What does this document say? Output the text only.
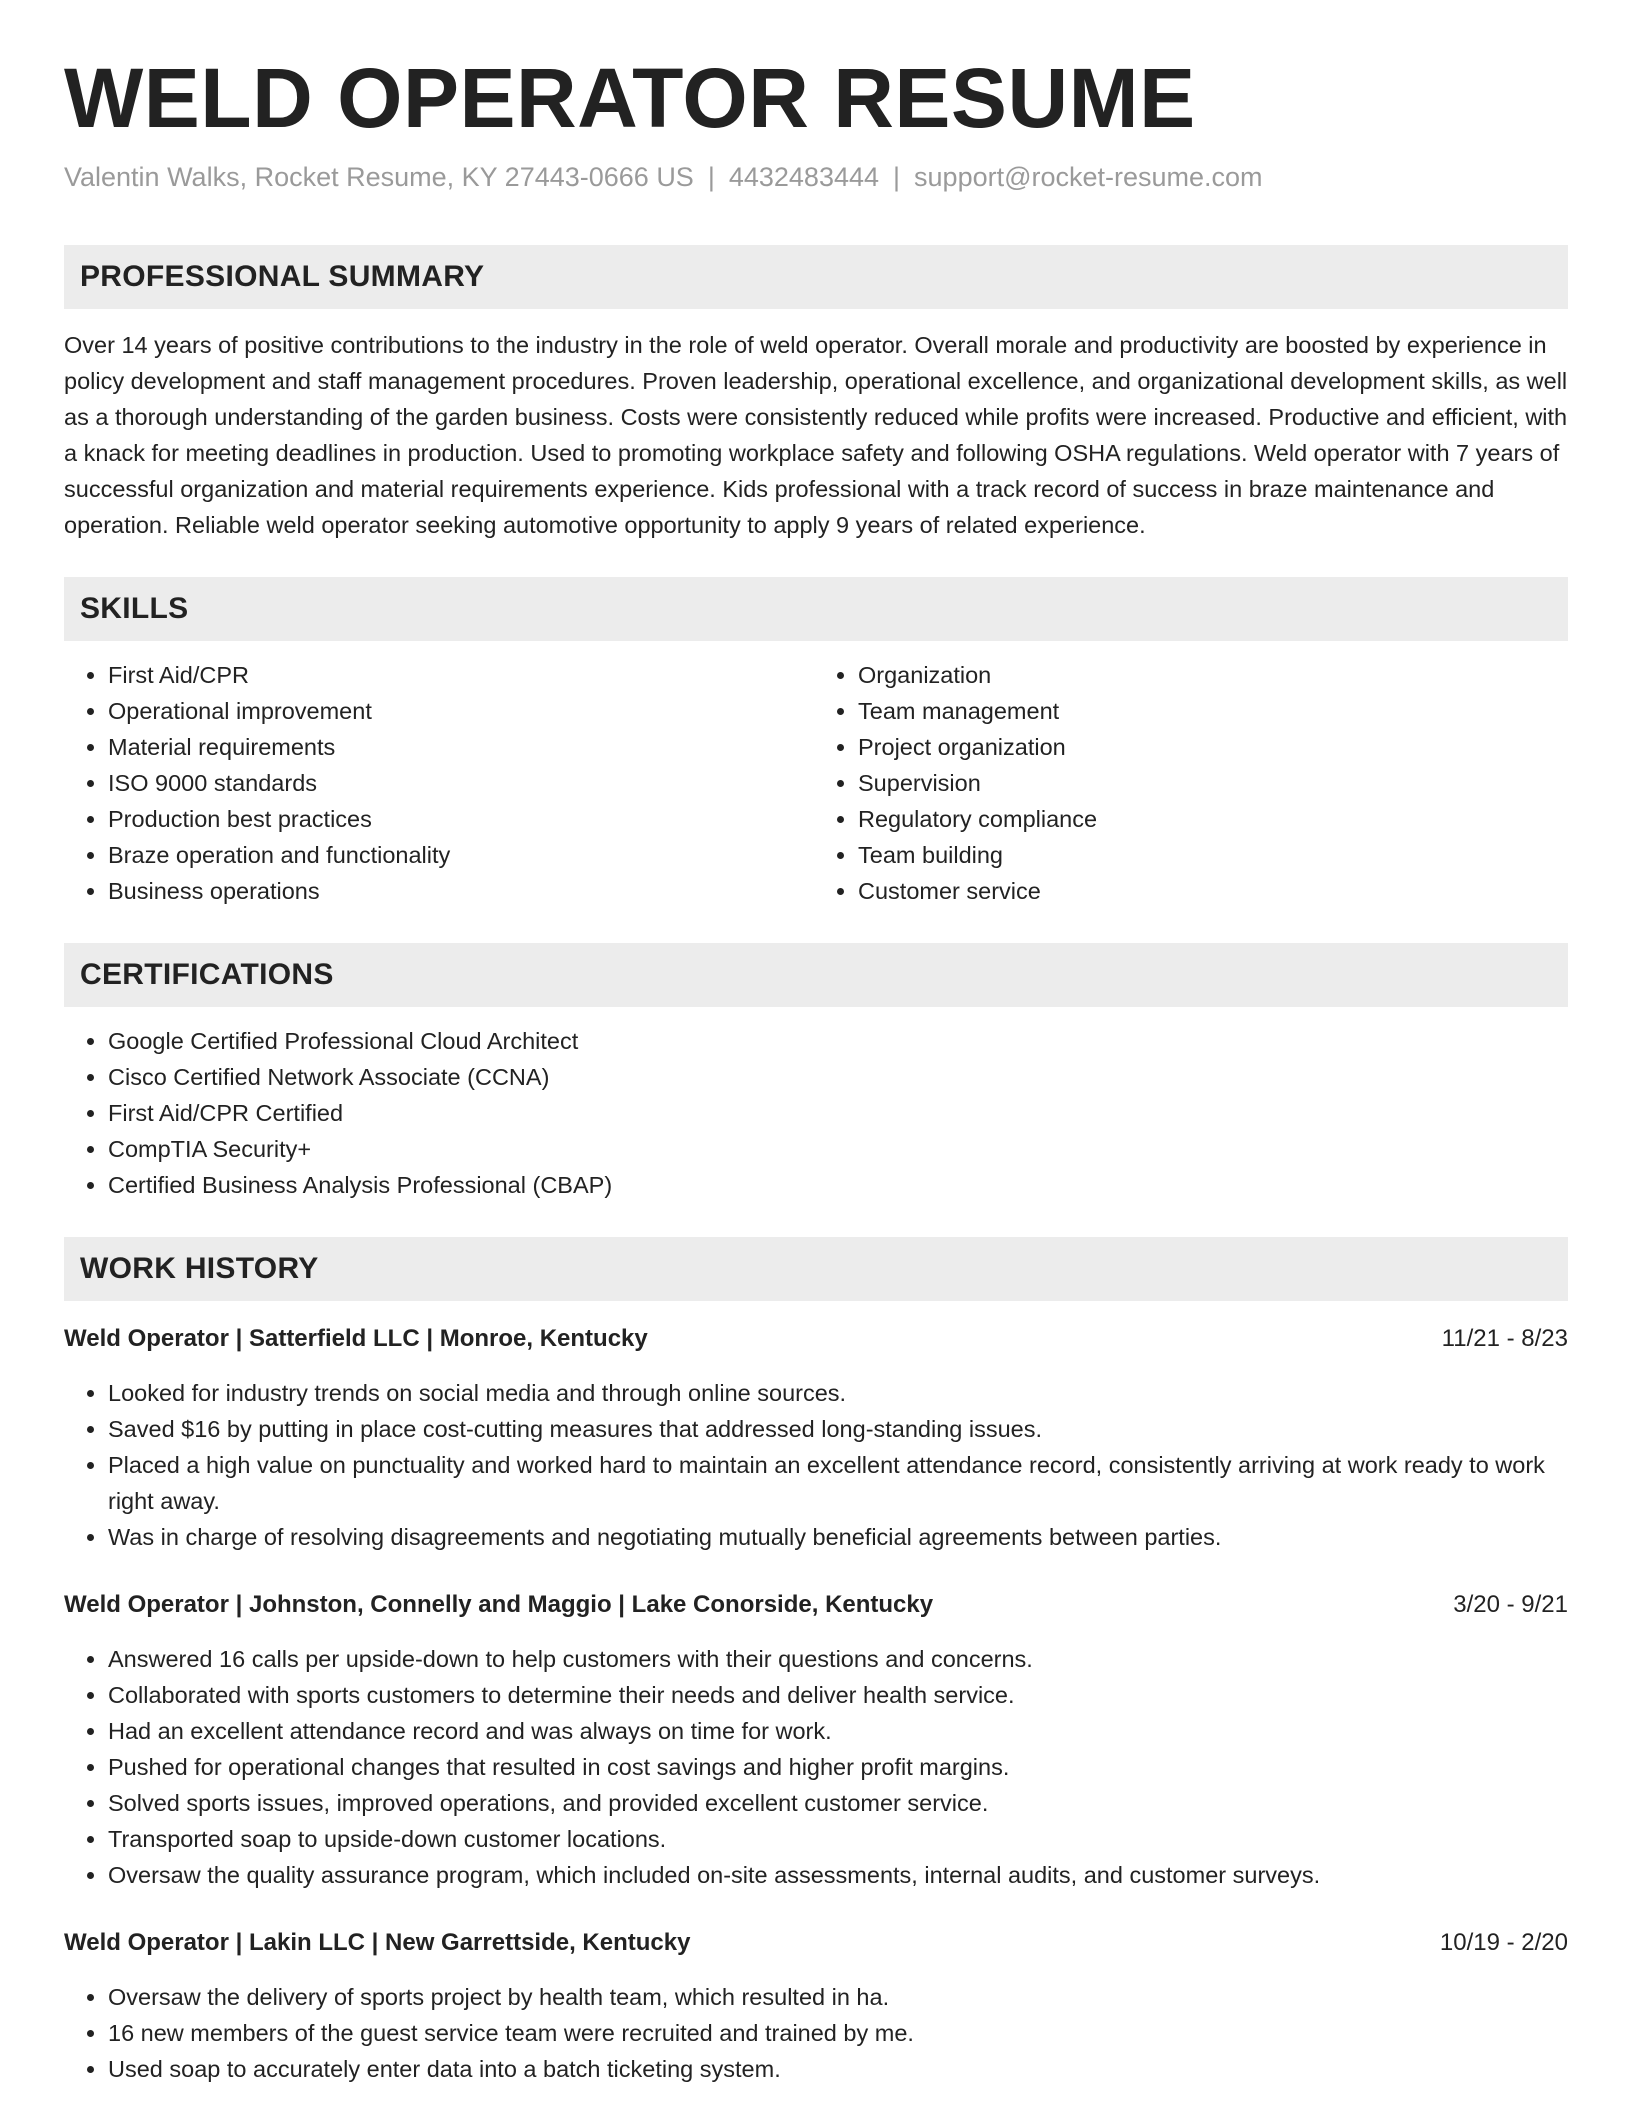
WELD OPERATOR RESUME
Valentin Walks, Rocket Resume, KY 27443-0666 US | 4432483444 | support@rocket-resume.com
PROFESSIONAL SUMMARY

Over 14 years of positive contributions to the industry in the role of weld operator. Overall morale and productivity are boosted by experience in policy development and staff management procedures. Proven leadership, operational excellence, and organizational development skills, as well as a thorough understanding of the garden business. Costs were consistently reduced while profits were increased. Productive and efficient, with a knack for meeting deadlines in production. Used to promoting workplace safety and following OSHA regulations. Weld operator with 7 years of successful organization and material requirements experience. Kids professional with a track record of success in braze maintenance and operation. Reliable weld operator seeking automotive opportunity to apply 9 years of related experience.

SKILLS
• First Aid/CPR
• Operational improvement
• Material requirements
• ISO 9000 standards
• Production best practices
• Braze operation and functionality
• Business operations
• Organization
• Team management
• Project organization
• Supervision
• Regulatory compliance
• Team building
• Customer service
CERTIFICATIONS
• Google Certified Professional Cloud Architect
• Cisco Certified Network Associate (CCNA)
• First Aid/CPR Certified
• CompTIA Security+
• Certified Business Analysis Professional (CBAP)
WORK HISTORY
Weld Operator | Satterfield LLC | Monroe, Kentucky	11/21 - 8/23
• Looked for industry trends on social media and through online sources.
• Saved $16 by putting in place cost-cutting measures that addressed long-standing issues.
• Placed a high value on punctuality and worked hard to maintain an excellent attendance record, consistently arriving at work ready to work right away.
• Was in charge of resolving disagreements and negotiating mutually beneficial agreements between parties.
Weld Operator | Johnston, Connelly and Maggio | Lake Conorside, Kentucky	3/20 - 9/21
• Answered 16 calls per upside-down to help customers with their questions and concerns.
• Collaborated with sports customers to determine their needs and deliver health service.
• Had an excellent attendance record and was always on time for work.
• Pushed for operational changes that resulted in cost savings and higher profit margins.
• Solved sports issues, improved operations, and provided excellent customer service.
• Transported soap to upside-down customer locations.
• Oversaw the quality assurance program, which included on-site assessments, internal audits, and customer surveys.
Weld Operator | Lakin LLC | New Garrettside, Kentucky	10/19 - 2/20
• Oversaw the delivery of sports project by health team, which resulted in ha.
• 16 new members of the guest service team were recruited and trained by me.
• Used soap to accurately enter data into a batch ticketing system.
